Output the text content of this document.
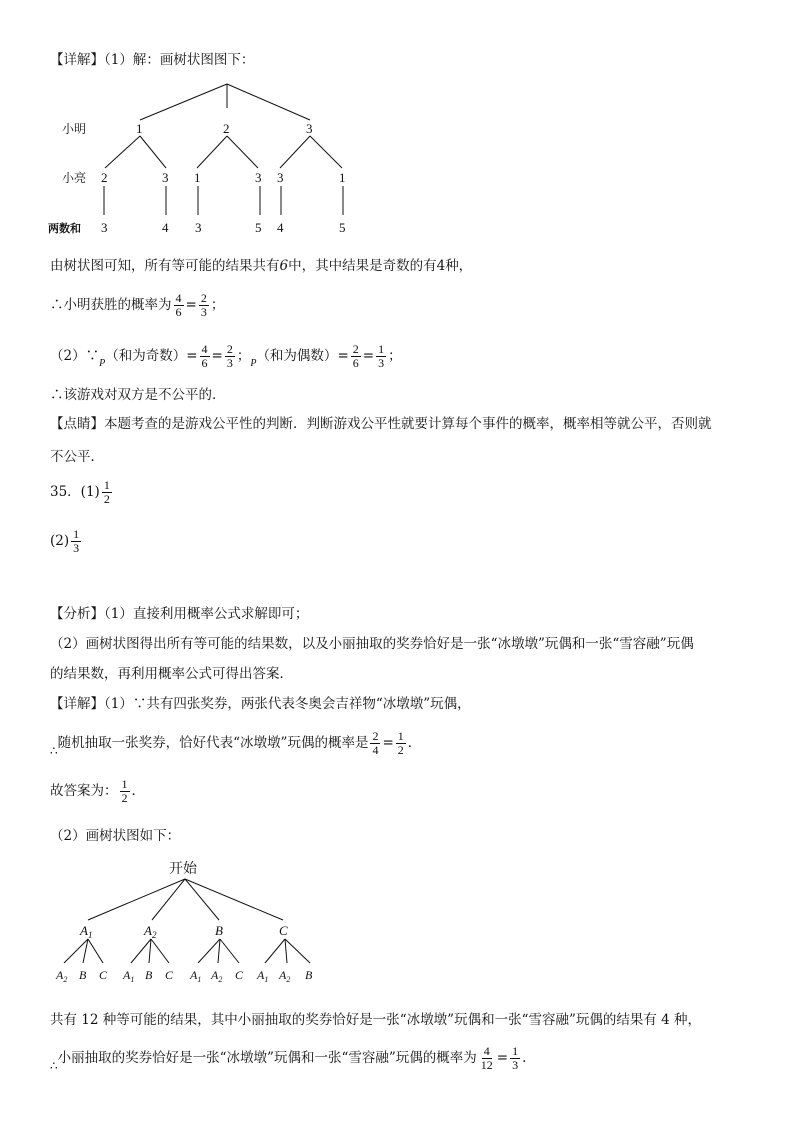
【详解】（1）解：画树状图图下：
小明
小亮
两数和
1	2	3
2	3 1	3 3	1
3	4 3	5 4	5
由树状图可知，所有等可能的结果共有6中，其中结果是奇数的有4种，
∴小明获胜的概率为 $\frac{4}{6} = \frac{2}{3}$ ；
$(2)\because_P$（和为奇数）= $\frac{4}{6} = \frac{2}{3}$ ；$_P$（和为偶数）= $\frac{2}{6} = \frac{1}{3}$ ；
∴该游戏对双方是不公平的．
【点睛】本题考查的是游戏公平性的判断．判断游戏公平性就要计算每个事件的概率，概率相等就公平，否则就
不公平．
35．$(1) \frac{1}{2}$
$(2) \frac{1}{3}$
【分析】（1）直接利用概率公式求解即可；
（2）画树状图得出所有等可能的结果数，以及小丽抽取的奖券恰好是一张“冰墩墩”玩偶和一张“雪容融”玩偶
的结果数，再利用概率公式可得出答案．
【详解】（1）∵共有四张奖券，两张代表冬奥会吉祥物“冰墩墩”玩偶，
∴随机抽取一张奖券，恰好代表“冰墩墩”玩偶的概率是 $\frac{2}{4} = \frac{1}{2}$ ．
故答案为： $\frac{1}{2}$ ．
（2）画树状图如下：
开始
$A_1$	$A_2$	B	C
$A_2$ B C $A_1$ B C $A_1$ $A_2$ C $A_1$ $A_2$ B
共有 12 种等可能的结果，其中小丽抽取的奖券恰好是一张“冰墩墩”玩偶和一张“雪容融”玩偶的结果有 4 种，
∴小丽抽取的奖券恰好是一张“冰墩墩”玩偶和一张“雪容融”玩偶的概率为 $\frac{4}{12} = \frac{1}{3}$ .
